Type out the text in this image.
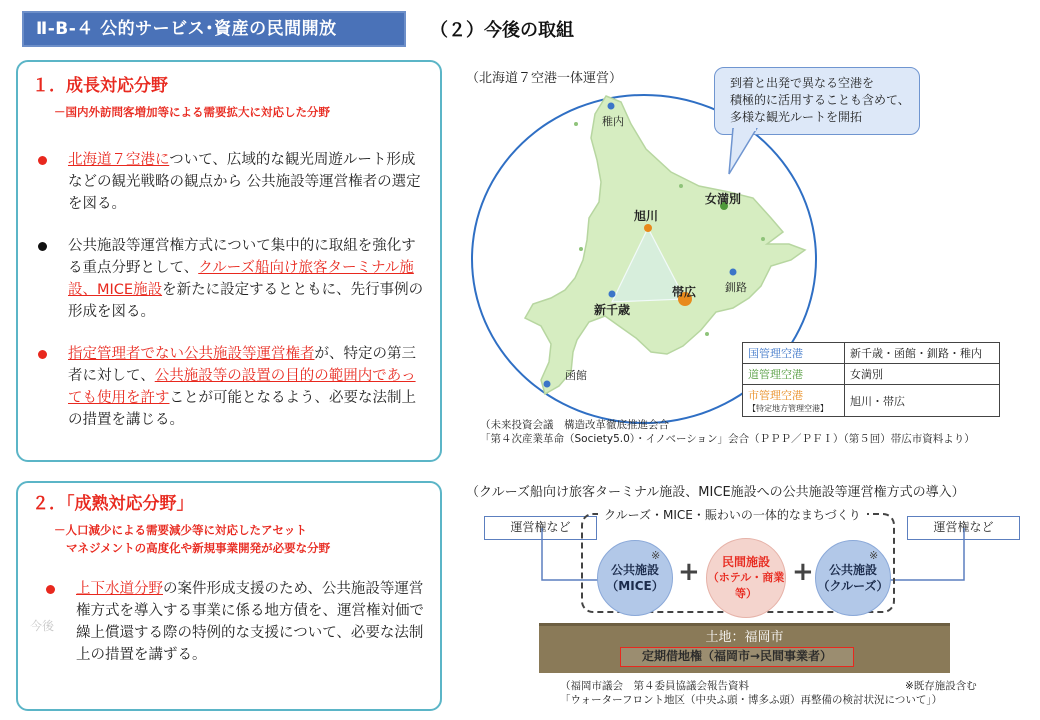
Ⅱ-B-４ 公的サービス･資産の民間開放	（２）今後の取組
１．成長対応分野
－国内外訪問客増加等による需要拡大に対応した分野
北海道７空港について、広域的な観光周遊ルート形成などの観光戦略の観点から 公共施設等運営権者の選定を図る。
公共施設等運営権方式について集中的に取組を強化する重点分野として、クルーズ船向け旅客ターミナル施設、MICE施設を新たに設定するとともに、先行事例の形成を図る。
指定管理者でない公共施設等運営権者が、特定の第三者に対して、公共施設等の設置の目的の範囲内であっても使用を許すことが可能となるよう、必要な法制上の措置を講じる。
２．「成熟対応分野」
－人口減少による需要減少等に対応したアセット
マネジメントの高度化や新規事業開発が必要な分野
今後
上下水道分野の案件形成支援のため、公共施設等運営権方式を導入する事業に係る地方債を、運営権対価で繰上償還する際の特例的な支援について、必要な法制上の措置を講ずる。
（北海道７空港一体運営）
稚内
女満別
旭川
帯広
新千歳
釧路
函館
到着と出発で異なる空港を
積極的に活用することも含めて、
多様な観光ルートを開拓
国管理空港	新千歳・函館・釧路・稚内
道管理空港	女満別
市管理空港
【特定地方管理空港】	旭川・帯広
（未来投資会議　構造改革徹底推進会合
「第４次産業革命（Society5.0）・イノベーション」会合（ＰＰＰ／ＰＦＩ）（第５回）帯広市資料より）
（クルーズ船向け旅客ターミナル施設、MICE施設への公共施設等運営権方式の導入）
運営権など	運営権など
クルーズ・MICE・賑わいの一体的なまちづくり
公共施設
（MICE）
※
+ 民間施設
（ホテル・商業等）
+ 公共施設
（クルーズ）
※
土地：福岡市
定期借地権（福岡市→民間事業者）
（福岡市議会　第４委員協議会報告資料
「ウォーターフロント地区（中央ふ頭・博多ふ頭）再整備の検討状況について」）
※既存施設含む
